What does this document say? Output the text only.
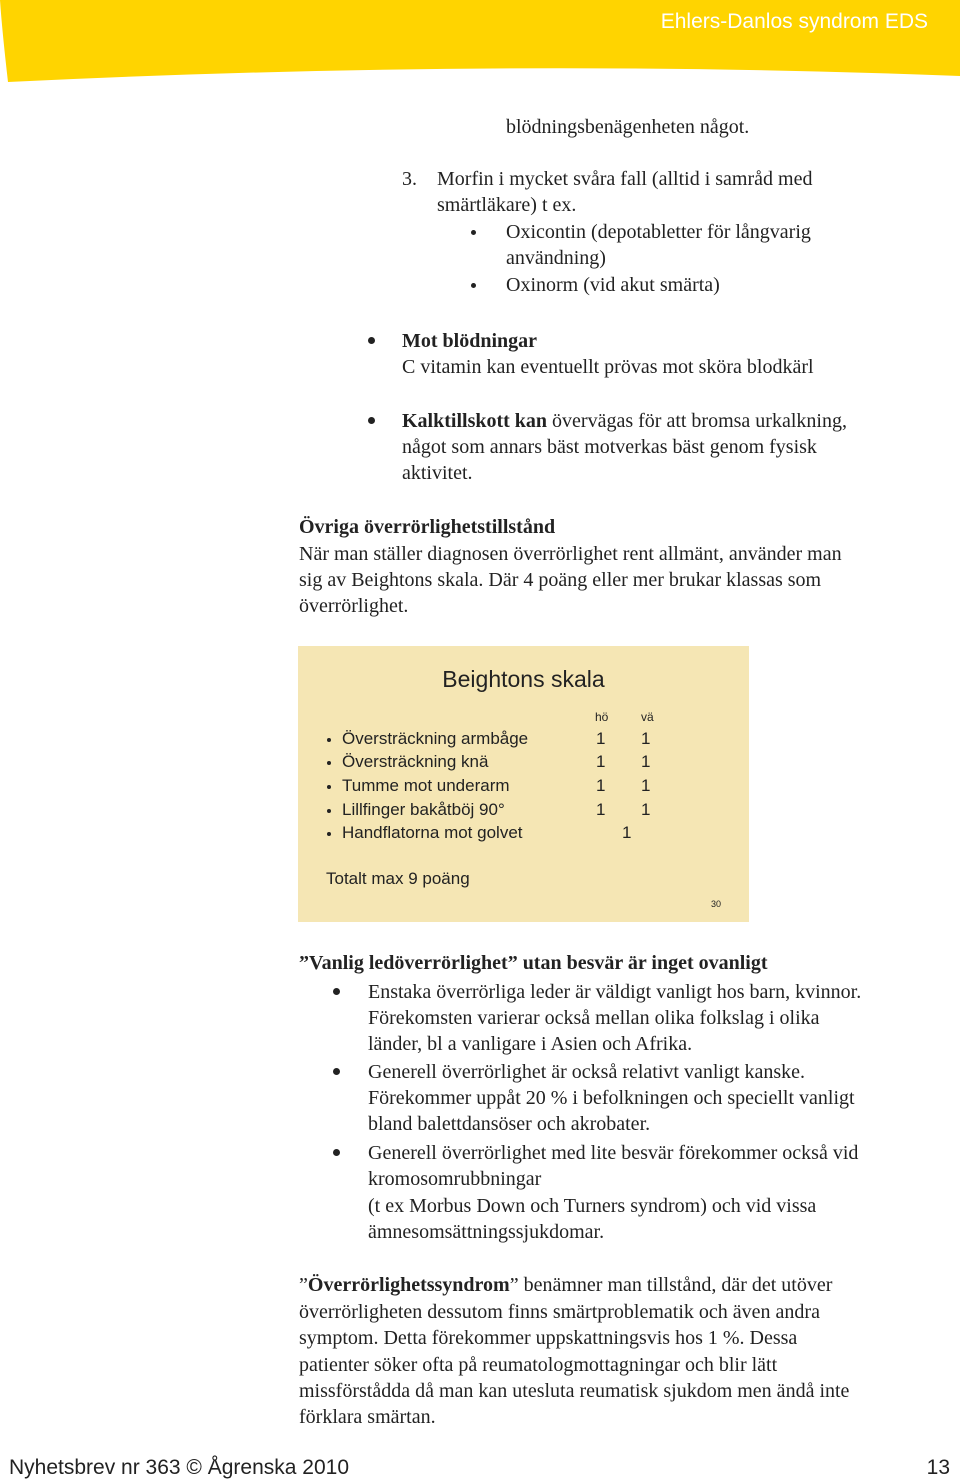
Ehlers-Danlos syndrom EDS
blödningsbenägenheten något.
3. Morfin i mycket svåra fall (alltid i samråd med
smärtläkare) t ex.
Oxicontin (depotabletter för långvarig
användning)
Oxinorm (vid akut smärta)
Mot blödningar
C vitamin kan eventuellt prövas mot sköra blodkärl
Kalktillskott kan övervägas för att bromsa urkalkning,
något som annars bäst motverkas bäst genom fysisk
aktivitet.
Övriga överrörlighetstillstånd
När man ställer diagnosen överrörlighet rent allmänt, använder man
sig av Beightons skala. Där 4 poäng eller mer brukar klassas som
överrörlighet.
Beightons skala
hö	vä
Översträckning armbåge	1 1
Översträckning knä	1 1
Tumme mot underarm	1 1
Lillfinger bakåtböj 90°	1 1
Handflatorna mot golvet	1
Totalt max 9 poäng
30
”Vanlig ledöverrörlighet” utan besvär är inget ovanligt
Enstaka överrörliga leder är väldigt vanligt hos barn, kvinnor.
Förekomsten varierar också mellan olika folkslag i olika
länder, bl a vanligare i Asien och Afrika.
Generell överrörlighet är också relativt vanligt kanske.
Förekommer uppåt 20 % i befolkningen och speciellt vanligt
bland balettdansöser och akrobater.
Generell överrörlighet med lite besvär förekommer också vid
kromosomrubbningar
(t ex Morbus Down och Turners syndrom) och vid vissa
ämnesomsättningssjukdomar.
”Överrörlighetssyndrom” benämner man tillstånd, där det utöver
överrörligheten dessutom finns smärtproblematik och även andra
symptom. Detta förekommer uppskattningsvis hos 1 %. Dessa
patienter söker ofta på reumatologmottagningar och blir lätt
missförstådda då man kan utesluta reumatisk sjukdom men ändå inte
förklara smärtan.
Nyhetsbrev nr 363 © Ågrenska 2010	13
